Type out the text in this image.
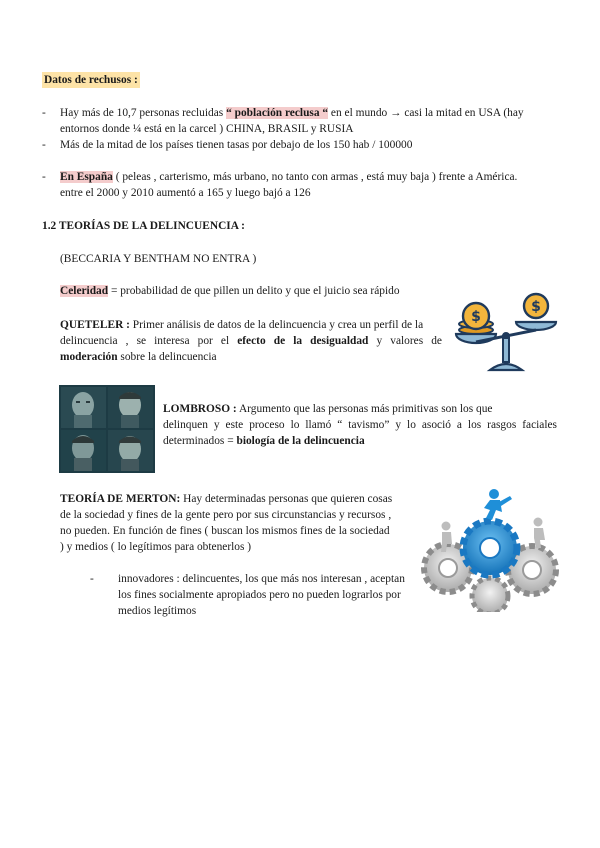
Datos de rechusos :
- Hay más de 10,7 personas recluidas “ población reclusa “ en el mundo → casi la mitad en USA (hay

entornos donde ¼ está en la carcel ) CHINA, BRASIL y RUSIA

- Más de la mitad de los países tienen tasas por debajo de los 150 hab / 100000

- En España ( peleas , carterismo, más urbano, no tanto con armas , está muy baja ) frente a América.

entre el 2000 y 2010 aumentó a 165 y luego bajó a 126

1.2 TEORÍAS DE LA DELINCUENCIA :
(BECCARIA Y BENTHAM NO ENTRA )
Celeridad = probabilidad de que pillen un delito y que el juicio sea rápido

QUETELER : Primer análisis de datos de la delincuencia y crea un perfil de la

delincuencia , se interesa por el efecto de la desigualdad y valores de

moderación sobre la delincuencia

$
$

LOMBROSO : Argumento que las personas más primitivas son los que

delinquen y este proceso lo llamó “ tavismo” y lo asoció a los rasgos faciales

determinados = biología de la delincuencia

TEORÍA DE MERTON: Hay determinadas personas que quieren cosas

de la sociedad y fines de la gente pero por sus circunstancias y recursos ,

no pueden. En función de fines ( buscan los mismos fines de la sociedad

) y medios ( lo legítimos para obtenerlos )

- innovadores : delincuentes, los que más nos interesan , aceptan

los fines socialmente apropiados pero no pueden lograrlos por

medios legítimos
